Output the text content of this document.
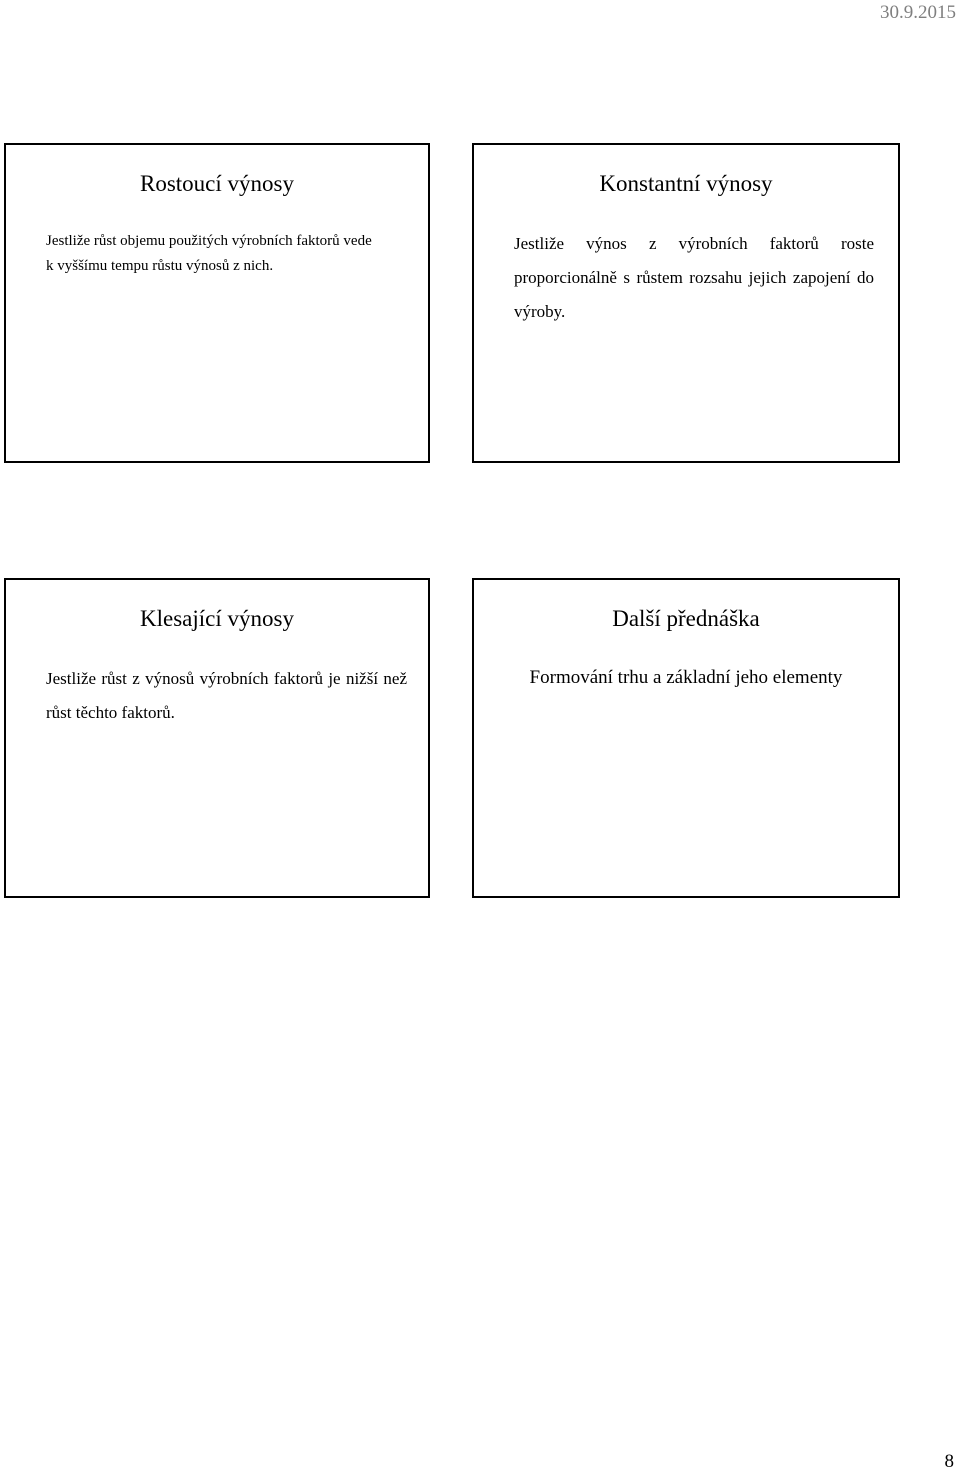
30.9.2015
Rostoucí výnosy
Jestliže růst objemu použitých výrobních faktorů vede k vyššímu tempu růstu výnosů z nich.
Konstantní výnosy
Jestliže výnos z výrobních faktorů roste proporcionálně s růstem rozsahu jejich zapojení do výroby.
Klesající výnosy
Jestliže růst z výnosů výrobních faktorů je nižší než růst těchto faktorů.
Další přednáška
Formování trhu a základní jeho elementy
8
